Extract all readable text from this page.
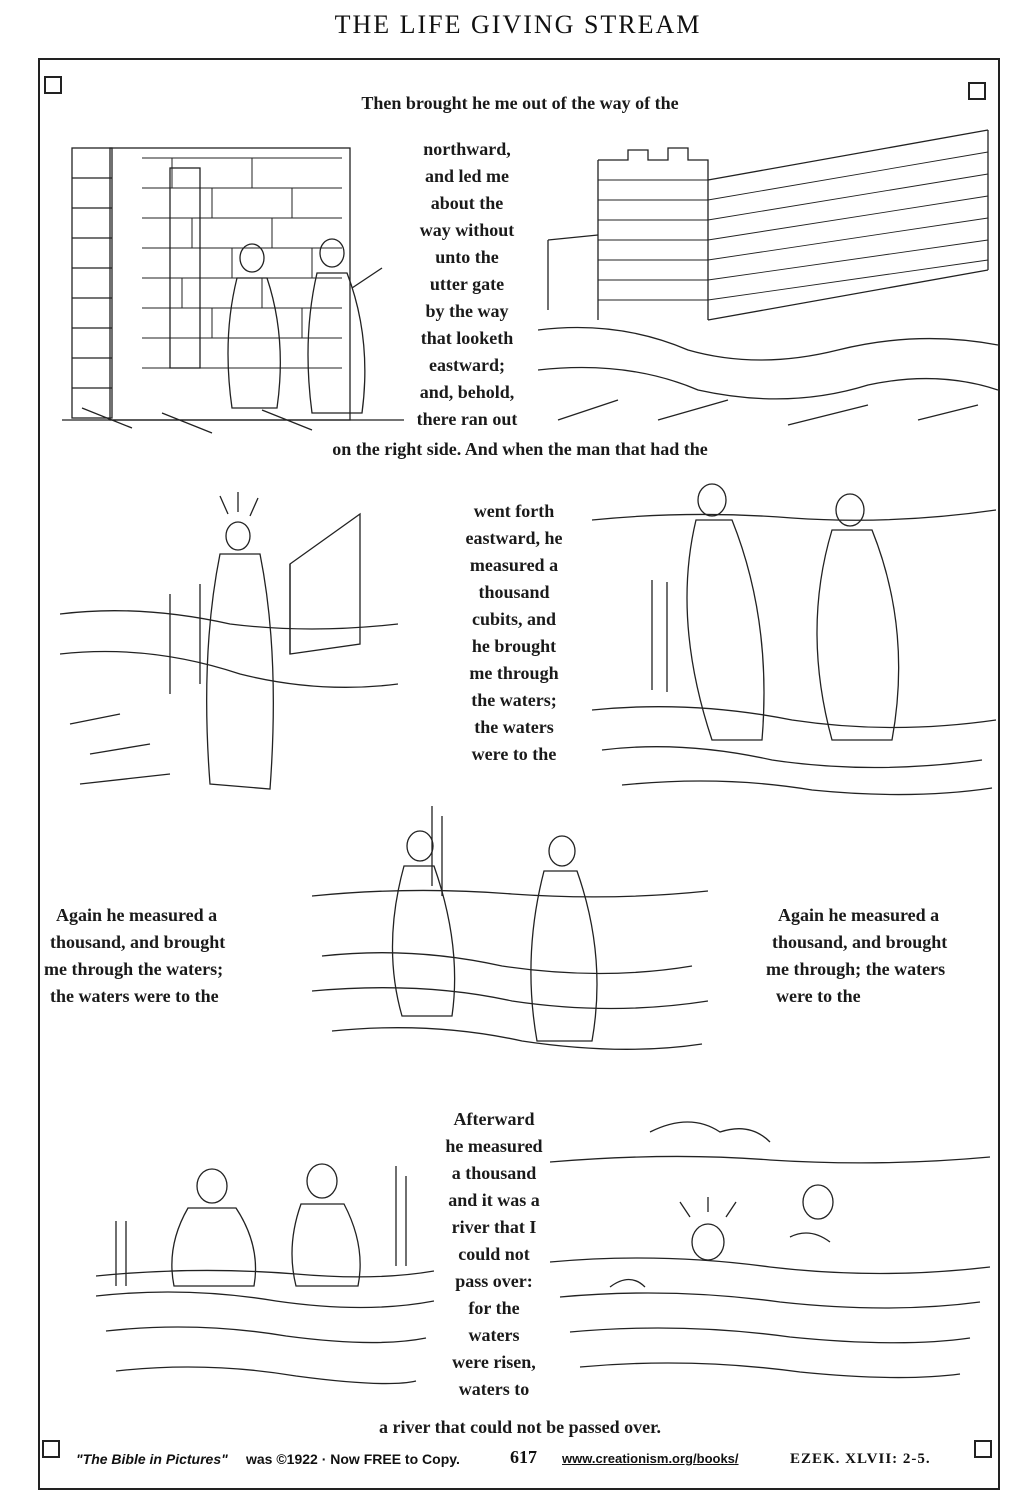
THE LIFE GIVING STREAM
Then brought he me out of the way of the
northward,
and led me
about the
way without
unto the
utter gate
by the way
that looketh
eastward;
and, behold,
there ran out
on the right side. And when the man that had the
went forth
eastward, he
measured a
thousand
cubits, and
he brought
me through
the waters;
the waters
were to the
Again he measured a
thousand, and brought
me through the waters;
the waters were to the
Again he measured a
thousand, and brought
me through; the waters
were to the
Afterward
he measured
a thousand
and it was a
river that I
could not
pass over:
for the
waters
were risen,
waters to
a river that could not be passed over.
"The Bible in Pictures" was ©1922 · Now FREE to Copy.	617 www.creationism.org/books/	EZEK. XLVII: 2-5.
